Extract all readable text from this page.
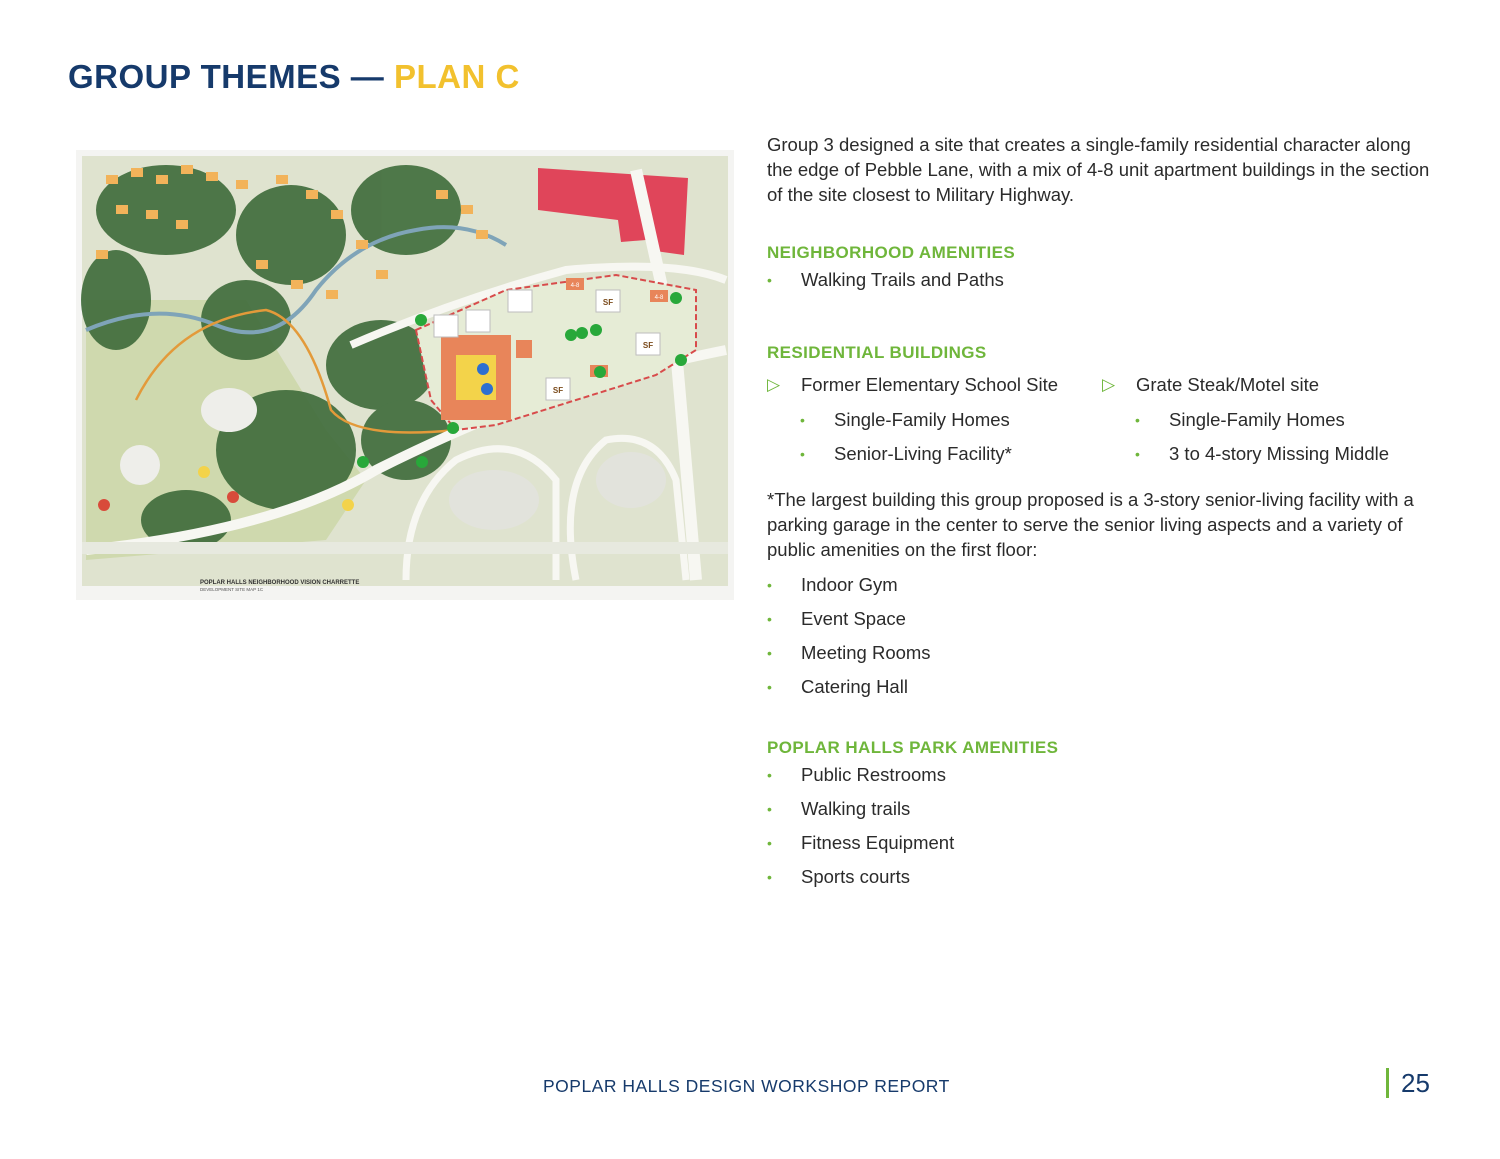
GROUP THEMES — PLAN C
SF
SF
SF
4-8
4-8
POPLAR HALLS NEIGHBORHOOD VISION CHARRETTE
DEVELOPMENT SITE MAP 1C

Group 3 designed a site that creates a single-family residential character along the edge of Pebble Lane, with a mix of 4-8 unit apartment buildings in the section of the site closest to Military Highway.

NEIGHBORHOOD AMENITIES
• Walking Trails and Paths
RESIDENTIAL BUILDINGS
▷ Former Elementary School Site
• Single-Family Homes
• Senior-Living Facility*
▷ Grate Steak/Motel site
• Single-Family Homes
• 3 to 4-story Missing Middle

*The largest building this group proposed is a 3-story senior-living facility with a parking garage in the center to serve the senior living aspects and a variety of public amenities on the first floor:

• Indoor Gym
• Event Space
• Meeting Rooms
• Catering Hall
POPLAR HALLS PARK AMENITIES
• Public Restrooms
• Walking trails
• Fitness Equipment
• Sports courts
POPLAR HALLS DESIGN WORKSHOP REPORT	25
